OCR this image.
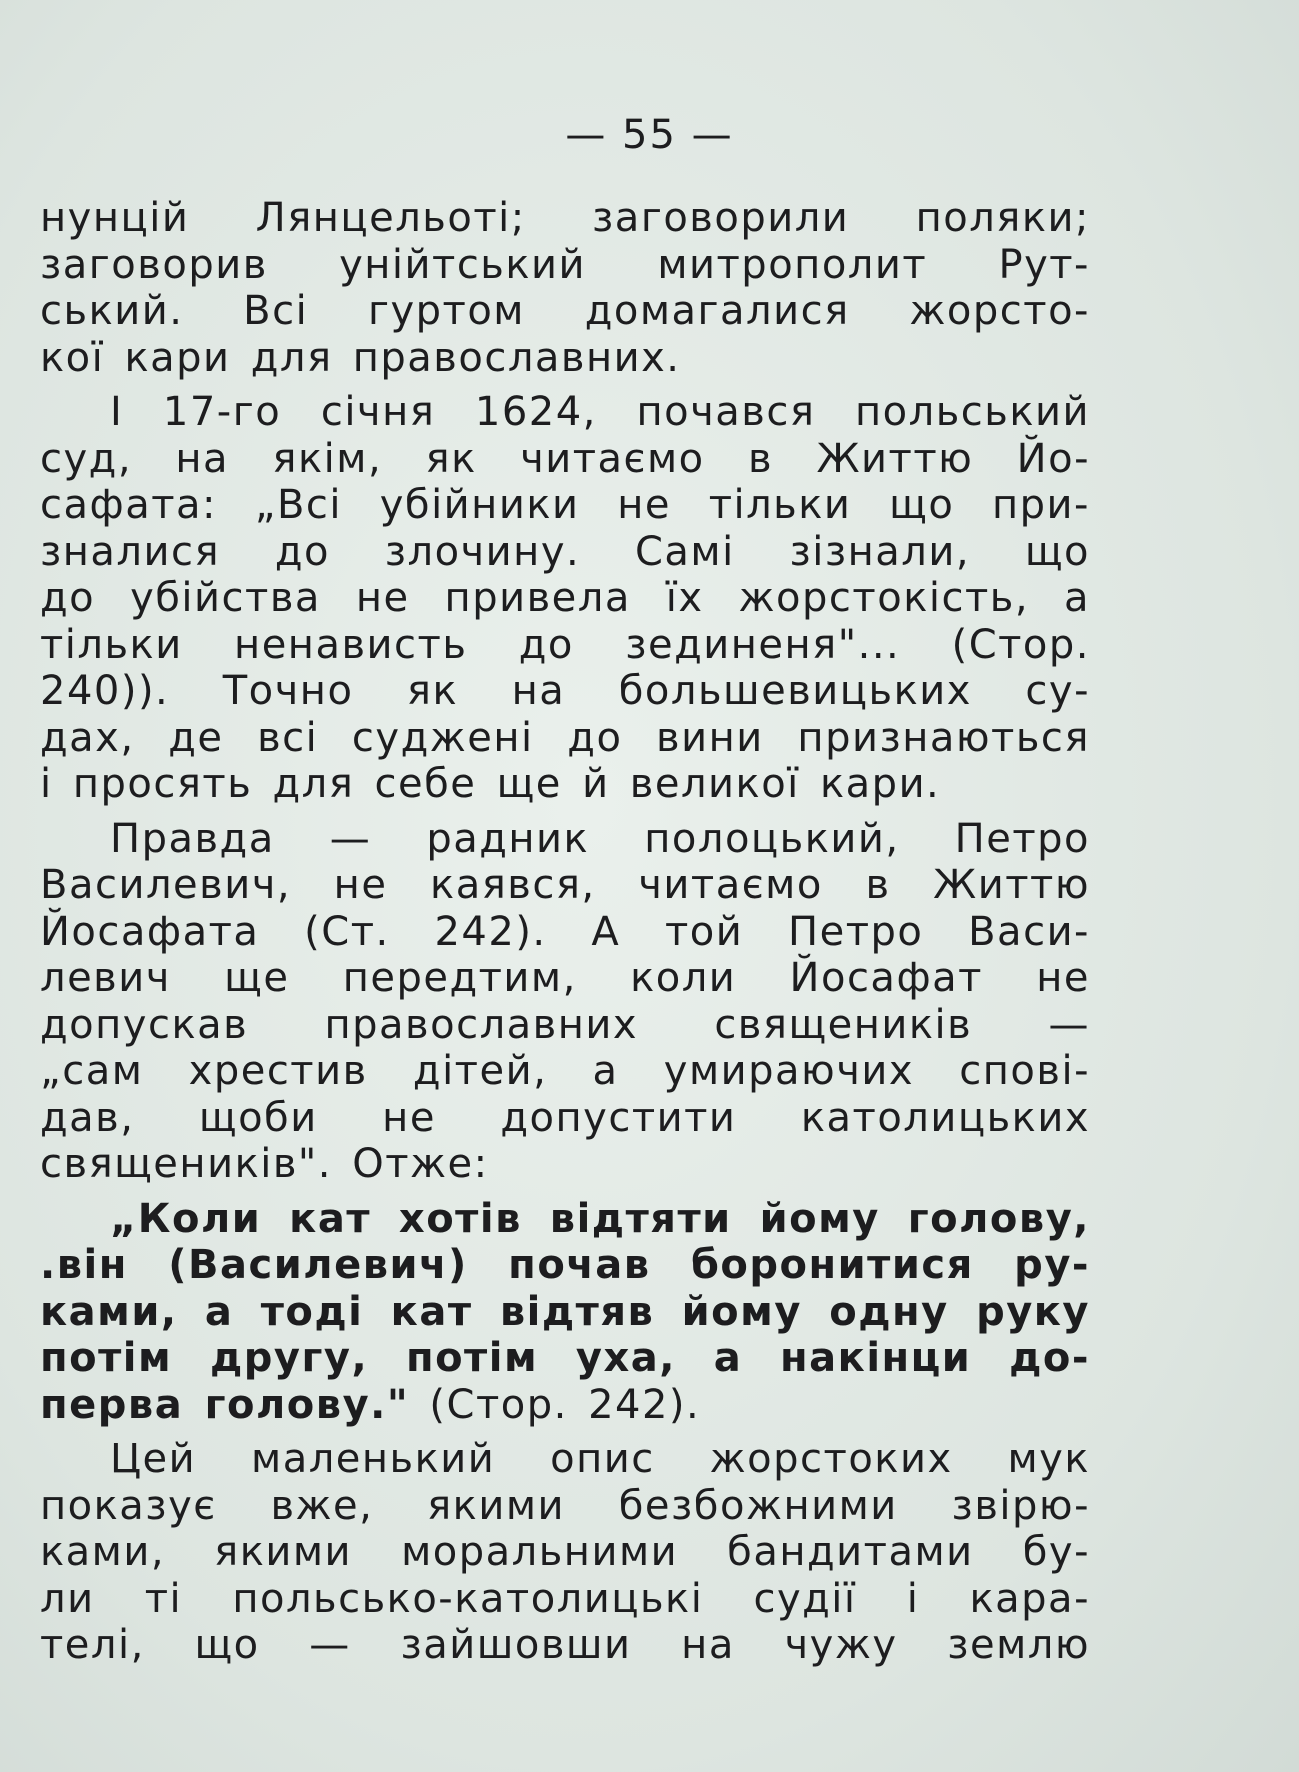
— 55 —
нунцій Лянцельоті; заговорили поляки;
заговорив унійтський митрополит Рут-
ський. Всі гуртом домагалися жорсто-
кої кари для православних.
І 17-го січня 1624, почався польський
суд, на якім, як читаємо в Життю Йо-
сафата: „Всі убійники не тільки що при-
зналися до злочину. Самі зізнали, що
до убійства не привела їх жорстокість, а
тільки ненависть до зединеня"... (Стор.
240)). Точно як на большевицьких су-
дах, де всі суджені до вини признаються
і просять для себе ще й великої кари.
Правда — радник полоцький, Петро
Василевич, не каявся, читаємо в Життю
Йосафата (Ст. 242). А той Петро Васи-
левич ще передтим, коли Йосафат не
допускав православних священиків —
„сам хрестив дітей, а умираючих спові-
дав, щоби не допустити католицьких
священиків". Отже:
„Коли кат хотів відтяти йому голову,
.він (Василевич) почав боронитися ру-
ками, а тоді кат відтяв йому одну руку
потім другу, потім уха, а накінци до-
перва голову." (Стор. 242).
Цей маленький опис жорстоких мук
показує вже, якими безбожними звірю-
ками, якими моральними бандитами бу-
ли ті польсько-католицькі судії і кара-
телі, що — зайшовши на чужу землю
